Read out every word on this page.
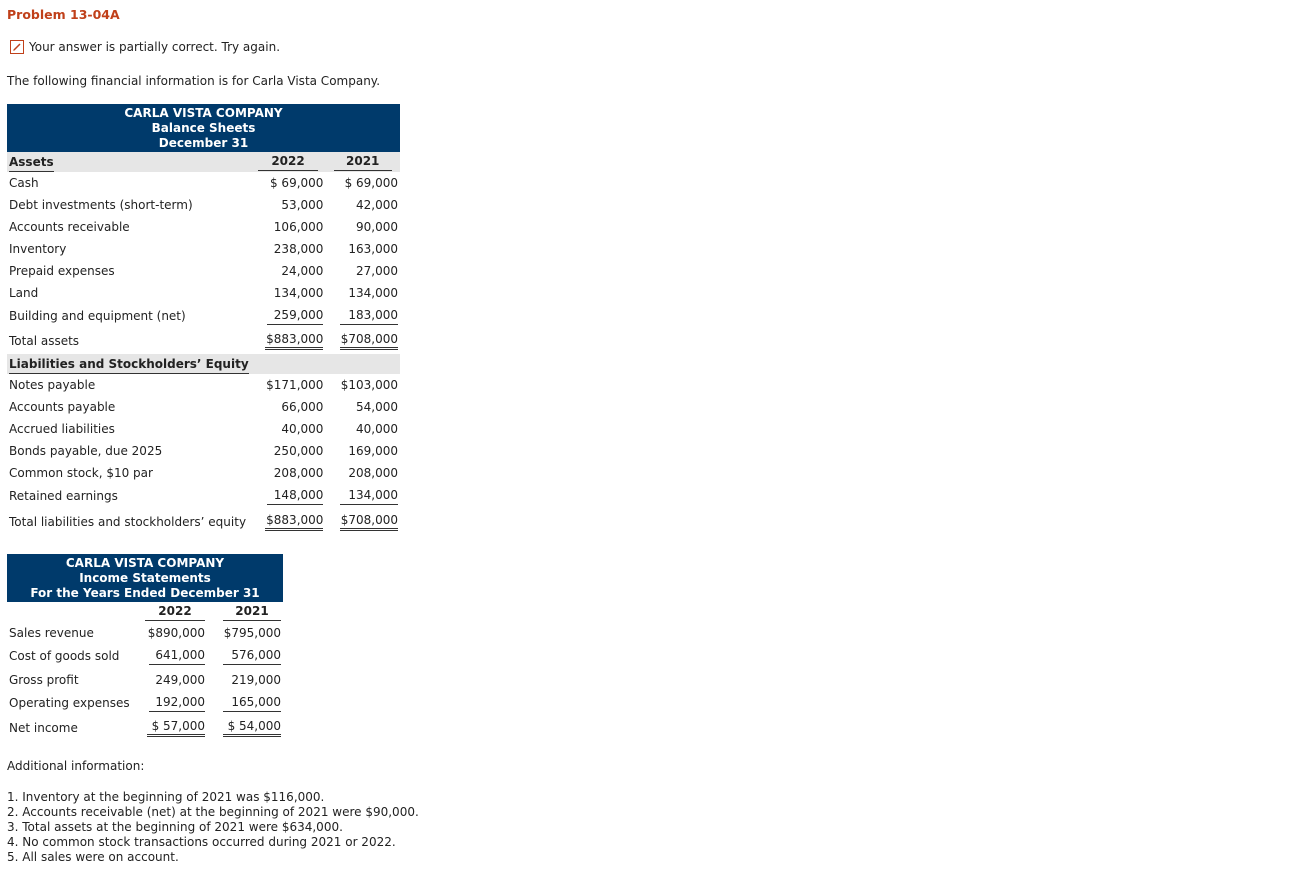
Problem 13-04A
Your answer is partially correct. Try again.
The following financial information is for Carla Vista Company.
CARLA VISTA COMPANY
Balance Sheets
December 31
Assets	2022	2021
Cash	$ 69,000	$ 69,000
Debt investments (short-term)	53,000	42,000
Accounts receivable	106,000	90,000
Inventory	238,000	163,000
Prepaid expenses	24,000	27,000
Land	134,000	134,000
Building and equipment (net)	259,000	183,000
Total assets	$883,000	$708,000
Liabilities and Stockholders’ Equity		
Notes payable	$171,000	$103,000
Accounts payable	66,000	54,000
Accrued liabilities	40,000	40,000
Bonds payable, due 2025	250,000	169,000
Common stock, $10 par	208,000	208,000
Retained earnings	148,000	134,000
Total liabilities and stockholders’ equity	$883,000	$708,000
CARLA VISTA COMPANY
Income Statements
For the Years Ended December 31
	2022	2021
Sales revenue	$890,000	$795,000
Cost of goods sold	641,000	576,000
Gross profit	249,000	219,000
Operating expenses	192,000	165,000
Net income	$ 57,000	$ 54,000
Additional information:
1. Inventory at the beginning of 2021 was $116,000.
2. Accounts receivable (net) at the beginning of 2021 were $90,000.
3. Total assets at the beginning of 2021 were $634,000.
4. No common stock transactions occurred during 2021 or 2022.
5. All sales were on account.
